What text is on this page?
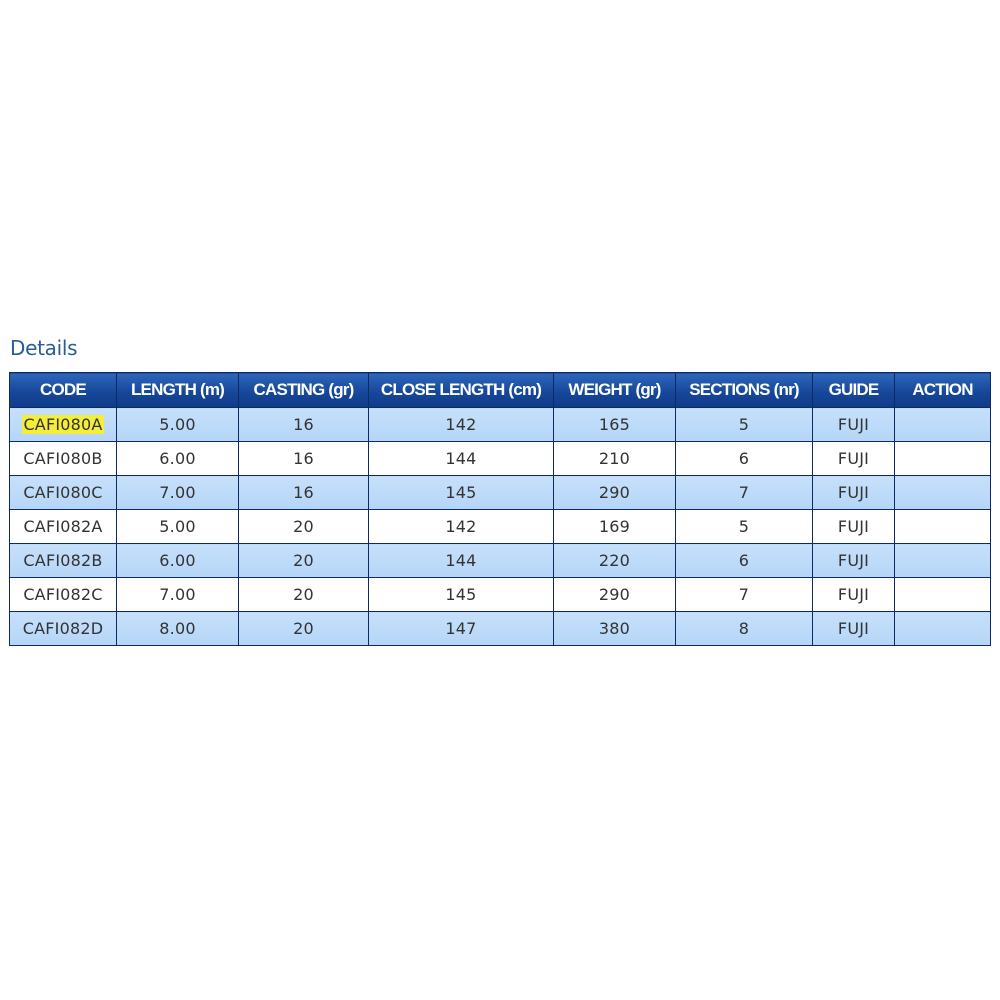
Details
CODE	LENGTH (m)	CASTING (gr)	CLOSE LENGTH (cm)	WEIGHT (gr)	SECTIONS (nr)	GUIDE	ACTION
CAFI080A	5.00	16	142	165	5	FUJI	
CAFI080B	6.00	16	144	210	6	FUJI	
CAFI080C	7.00	16	145	290	7	FUJI	
CAFI082A	5.00	20	142	169	5	FUJI	
CAFI082B	6.00	20	144	220	6	FUJI	
CAFI082C	7.00	20	145	290	7	FUJI	
CAFI082D	8.00	20	147	380	8	FUJI	
